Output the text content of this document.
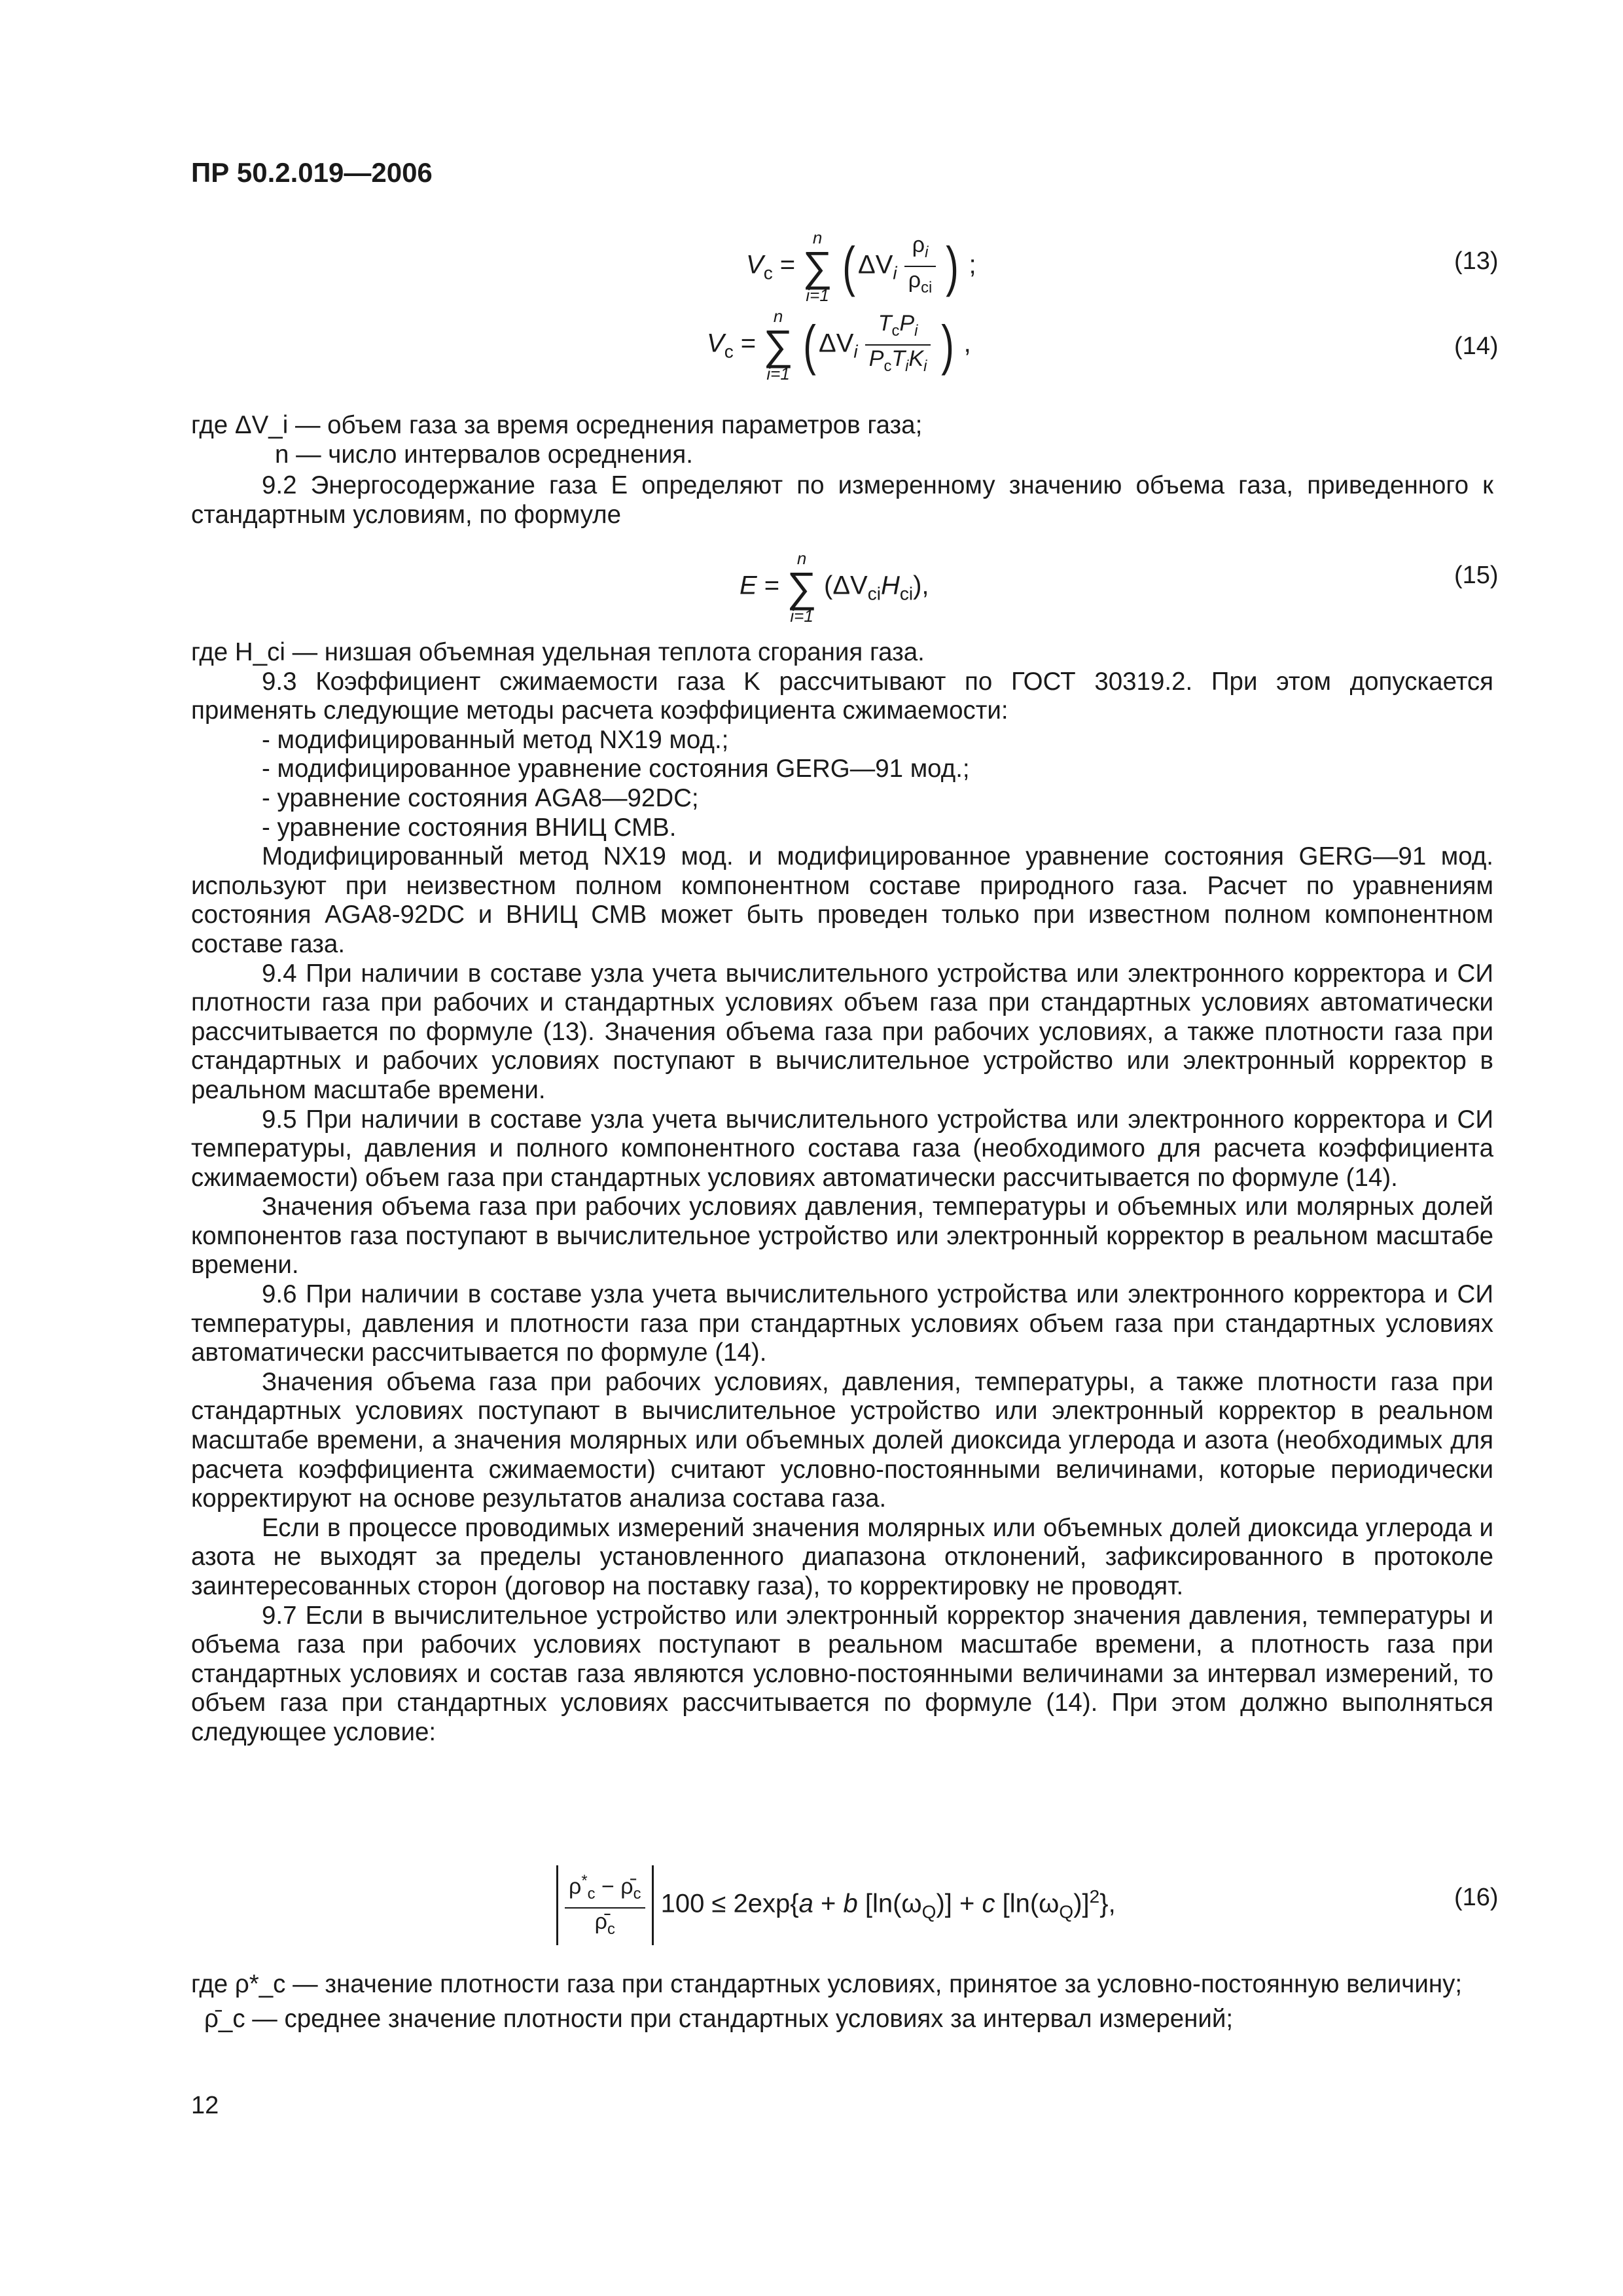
ПР 50.2.019—2006
$V_c$ =
n
∑
i=1 ( $\Delta V_i \frac{\rho_i}{\rho_{ci}}$ ) ;	(13)
$V_c$ =
n
∑
i=1 ( $\Delta V_i \frac{T_cP_i}{P_cT_iK_i}$ ) ,	(14)
где ΔV_i — объем газа за время осреднения параметров газа;
n — число интервалов осреднения.

9.2 Энергосодержание газа E определяют по измеренному значению объема газа, приведенного к стандартным условиям, по формуле

E =
n
∑
i=1
$(\Delta V_{ci}H_{ci})$,	(15)

где H_ci — низшая объемная удельная теплота сгорания газа.

9.3 Коэффициент сжимаемости газа K рассчитывают по ГОСТ 30319.2. При этом допускается применять следующие методы расчета коэффициента сжимаемости:

- модифицированный метод NX19 мод.;

- модифицированное уравнение состояния GERG—91 мод.;

- уравнение состояния AGA8—92DC;

- уравнение состояния ВНИЦ СМВ.

Модифицированный метод NX19 мод. и модифицированное уравнение состояния GERG—91 мод. используют при неизвестном полном компонентном составе природного газа. Расчет по уравнениям состояния AGA8-92DC и ВНИЦ СМВ может быть проведен только при известном полном компонентном составе газа.

9.4 При наличии в составе узла учета вычислительного устройства или электронного корректора и СИ плотности газа при рабочих и стандартных условиях объем газа при стандартных условиях автоматически рассчитывается по формуле (13). Значения объема газа при рабочих условиях, а также плотности газа при стандартных и рабочих условиях поступают в вычислительное устройство или электронный корректор в реальном масштабе времени.

9.5 При наличии в составе узла учета вычислительного устройства или электронного корректора и СИ температуры, давления и полного компонентного состава газа (необходимого для расчета коэффициента сжимаемости) объем газа при стандартных условиях автоматически рассчитывается по формуле (14).

Значения объема газа при рабочих условиях давления, температуры и объемных или молярных долей компонентов газа поступают в вычислительное устройство или электронный корректор в реальном масштабе времени.

9.6 При наличии в составе узла учета вычислительного устройства или электронного корректора и СИ температуры, давления и плотности газа при стандартных условиях объем газа при стандартных условиях автоматически рассчитывается по формуле (14).

Значения объема газа при рабочих условиях, давления, температуры, а также плотности газа при стандартных условиях поступают в вычислительное устройство или электронный корректор в реальном масштабе времени, а значения молярных или объемных долей диоксида углерода и азота (необходимых для расчета коэффициента сжимаемости) считают условно-постоянными величинами, которые периодически корректируют на основе результатов анализа состава газа.

Если в процессе проводимых измерений значения молярных или объемных долей диоксида углерода и азота не выходят за пределы установленного диапазона отклонений, зафиксированного в протоколе заинтересованных сторон (договор на поставку газа), то корректировку не проводят.

9.7 Если в вычислительное устройство или электронный корректор значения давления, температуры и объема газа при рабочих условиях поступают в реальном масштабе времени, а плотность газа при стандартных условиях и состав газа являются условно-постоянными величинами за интервал измерений, то объем газа при стандартных условиях рассчитывается по формуле (14). При этом должно выполняться следующее условие:

$\frac{\rho^*_c - \rhō_c}{\rhō_c} 100 \le 2\exp\{a + b$ $[\ln(\omega_Q)] + c$ $[\ln(\omega_Q)]^2$},	(16)
где ρ*_c — значение плотности газа при стандартных условиях, принятое за условно-постоянную величину;
ρ̄_c — среднее значение плотности при стандартных условиях за интервал измерений;
12
